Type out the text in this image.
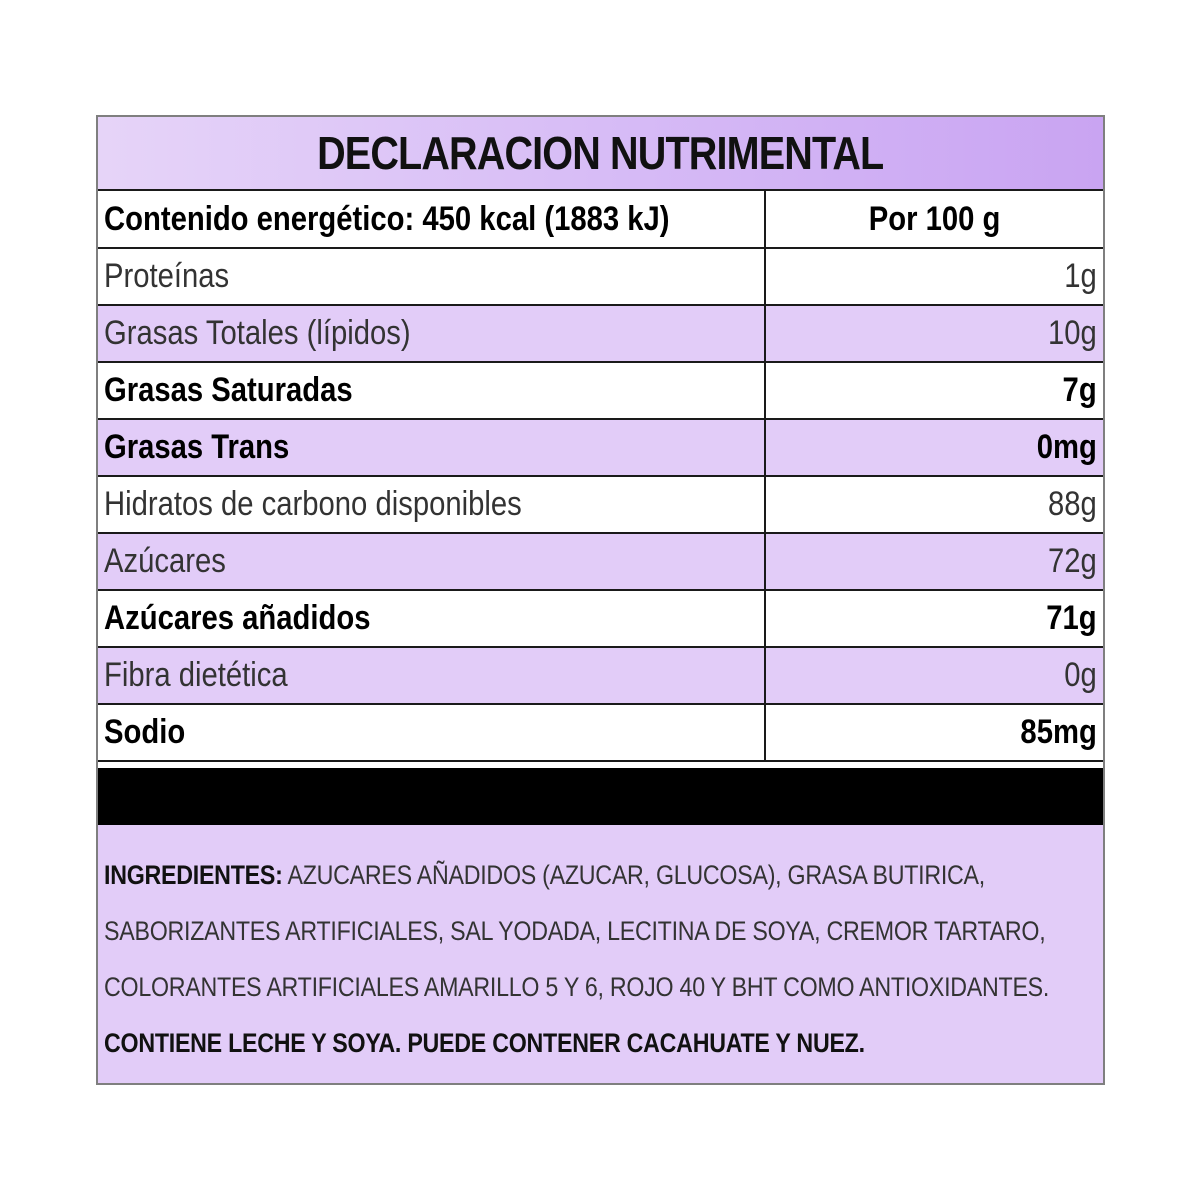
DECLARACION NUTRIMENTAL
Contenido energético: 450 kcal (1883 kJ)	Por 100 g
Proteínas	1g
Grasas Totales (lípidos)	10g
Grasas Saturadas	7g
Grasas Trans	0mg
Hidratos de carbono disponibles	88g
Azúcares	72g
Azúcares añadidos	71g
Fibra dietética	0g
Sodio	85mg
INGREDIENTES: AZUCARES AÑADIDOS (AZUCAR, GLUCOSA), GRASA BUTIRICA, SABORIZANTES ARTIFICIALES, SAL YODADA, LECITINA DE SOYA, CREMOR TARTARO, COLORANTES ARTIFICIALES AMARILLO 5 Y 6, ROJO 40 Y BHT COMO ANTIOXIDANTES. CONTIENE LECHE Y SOYA. PUEDE CONTENER CACAHUATE Y NUEZ.
